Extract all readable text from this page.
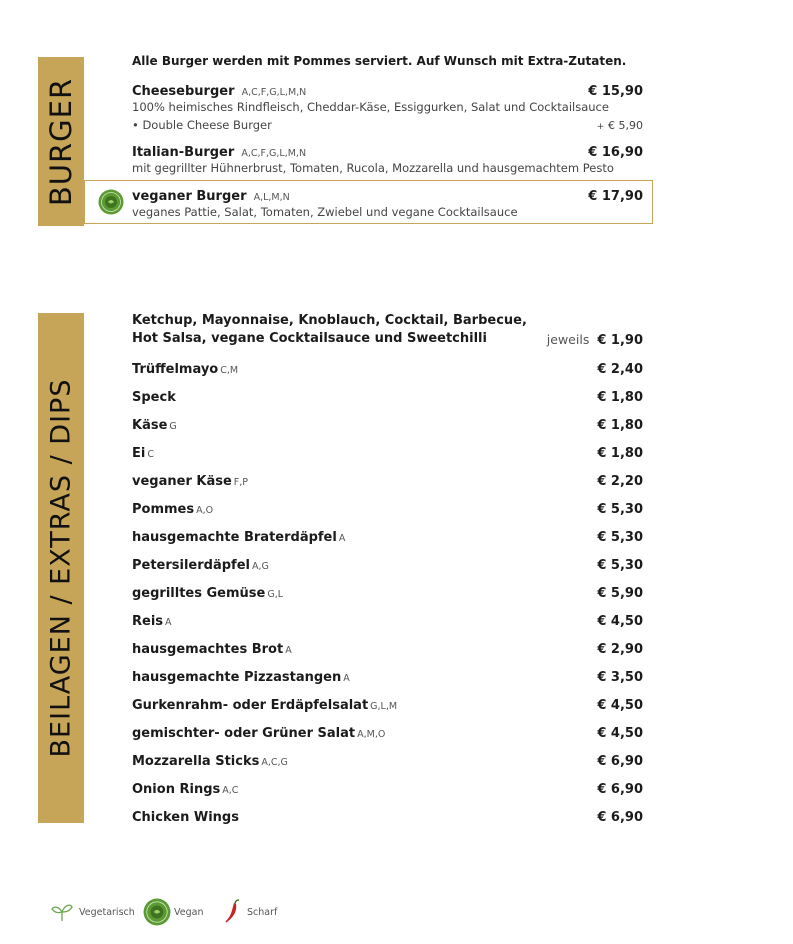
BURGER
Alle Burger werden mit Pommes serviert. Auf Wunsch mit Extra-Zutaten.
Cheeseburger A,C,F,G,L,M,N	€ 15,90
100% heimisches Rindfleisch, Cheddar-Käse, Essiggurken, Salat und Cocktailsauce
• Double Cheese Burger	+ € 5,90
Italian-Burger A,C,F,G,L,M,N	€ 16,90
mit gegrillter Hühnerbrust, Tomaten, Rucola, Mozzarella und hausgemachtem Pesto
veganer Burger A,L,M,N	€ 17,90
veganes Pattie, Salat, Tomaten, Zwiebel und vegane Cocktailsauce
BEILAGEN / EXTRAS / DIPS
Ketchup, Mayonnaise, Knoblauch, Cocktail, Barbecue,
Hot Salsa, vegane Cocktailsauce und Sweetchilli	jeweils € 1,90
Trüffelmayo C,M	€ 2,40
Speck	€ 1,80
Käse G	€ 1,80
Ei C	€ 1,80
veganer Käse F,P	€ 2,20
Pommes A,O	€ 5,30
hausgemachte Braterdäpfel A	€ 5,30
Petersilerdäpfel A,G	€ 5,30
gegrilltes Gemüse G,L	€ 5,90
Reis A	€ 4,50
hausgemachtes Brot A	€ 2,90
hausgemachte Pizzastangen A	€ 3,50
Gurkenrahm- oder Erdäpfelsalat G,L,M	€ 4,50
gemischter- oder Grüner Salat A,M,O	€ 4,50
Mozzarella Sticks A,C,G	€ 6,90
Onion Rings A,C	€ 6,90
Chicken Wings	€ 6,90
Vegetarisch	Vegan	Scharf
